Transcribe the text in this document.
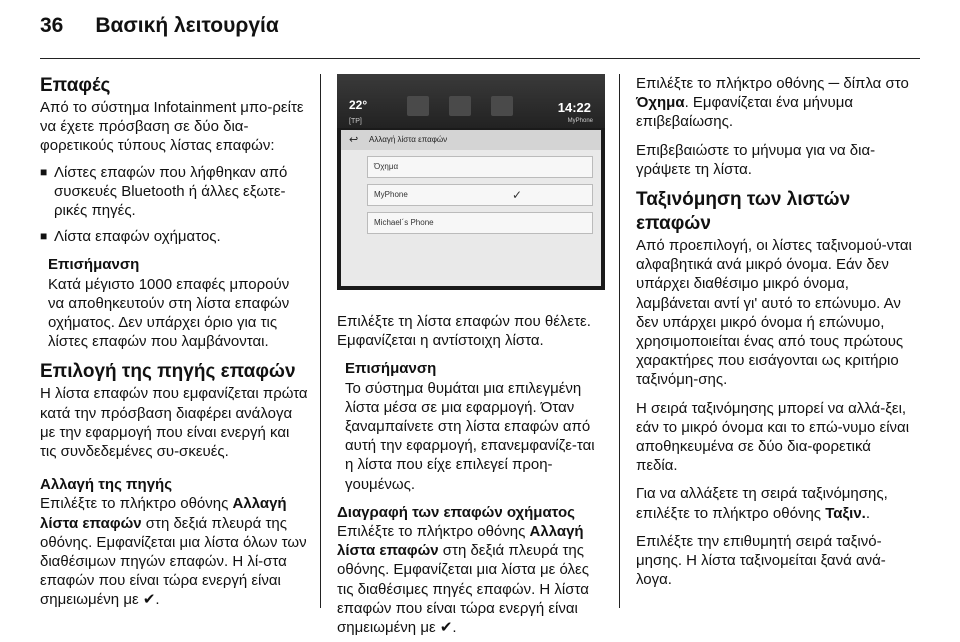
36 Βασική λειτουργία
Επαφές

Από το σύστημα Infotainment μπο-ρείτε να έχετε πρόσβαση σε δύο δια-φορετικούς τύπους λίστας επαφών:

■ Λίστες επαφών που λήφθηκαν από συσκευές Bluetooth ή άλλες εξωτε-ρικές πηγές.
■ Λίστα επαφών οχήματος.
Επισήμανση

Κατά μέγιστο 1000 επαφές μπορούν να αποθηκευτούν στη λίστα επαφών οχήματος. Δεν υπάρχει όριο για τις λίστες επαφών που λαμβάνονται.

Επιλογή της πηγής επαφών

Η λίστα επαφών που εμφανίζεται πρώτα κατά την πρόσβαση διαφέρει ανάλογα με την εφαρμογή που είναι ενεργή και τις συνδεδεμένες συ-σκευές.

Αλλαγή της πηγής

Επιλέξτε το πλήκτρο οθόνης Αλλαγή λίστα επαφών στη δεξιά πλευρά της οθόνης. Εμφανίζεται μια λίστα όλων των διαθέσιμων πηγών επαφών. Η λί-στα επαφών που είναι τώρα ενεργή είναι σημειωμένη με ✔.

22°
[TP]
14:22
MyPhone
↩ Αλλαγή λίστα επαφών
Όχημα
MyPhone	✓
Michael´s Phone

Επιλέξτε τη λίστα επαφών που θέλετε. Εμφανίζεται η αντίστοιχη λίστα.

Επισήμανση

Το σύστημα θυμάται μια επιλεγμένη λίστα μέσα σε μια εφαρμογή. Όταν ξαναμπαίνετε στη λίστα επαφών από αυτή την εφαρμογή, επανεμφανίζε-ται η λίστα που είχε επιλεγεί προη-γουμένως.

Διαγραφή των επαφών οχήματος

Επιλέξτε το πλήκτρο οθόνης Αλλαγή λίστα επαφών στη δεξιά πλευρά της οθόνης. Εμφανίζεται μια λίστα με όλες τις διαθέσιμες πηγές επαφών. Η λίστα επαφών που είναι τώρα ενεργή είναι σημειωμένη με ✔.

Επιλέξτε το πλήκτρο οθόνης ─ δίπλα στο Όχημα. Εμφανίζεται ένα μήνυμα επιβεβαίωσης.

Επιβεβαιώστε το μήνυμα για να δια-γράψετε τη λίστα.

Ταξινόμηση των λιστών επαφών

Από προεπιλογή, οι λίστες ταξινομού-νται αλφαβητικά ανά μικρό όνομα. Εάν δεν υπάρχει διαθέσιμο μικρό όνομα, λαμβάνεται αντί γι' αυτό το επώνυμο. Αν δεν υπάρχει μικρό όνομα ή επώνυμο, χρησιμοποιείται ένας από τους πρώτους χαρακτήρες που εισάγονται ως κριτήριο ταξινόμη-σης.

Η σειρά ταξινόμησης μπορεί να αλλά-ξει, εάν το μικρό όνομα και το επώ-νυμο είναι αποθηκευμένα σε δύο δια-φορετικά πεδία.

Για να αλλάξετε τη σειρά ταξινόμησης, επιλέξτε το πλήκτρο οθόνης Ταξιν..

Επιλέξτε την επιθυμητή σειρά ταξινό-μησης. Η λίστα ταξινομείται ξανά ανά-λογα.
